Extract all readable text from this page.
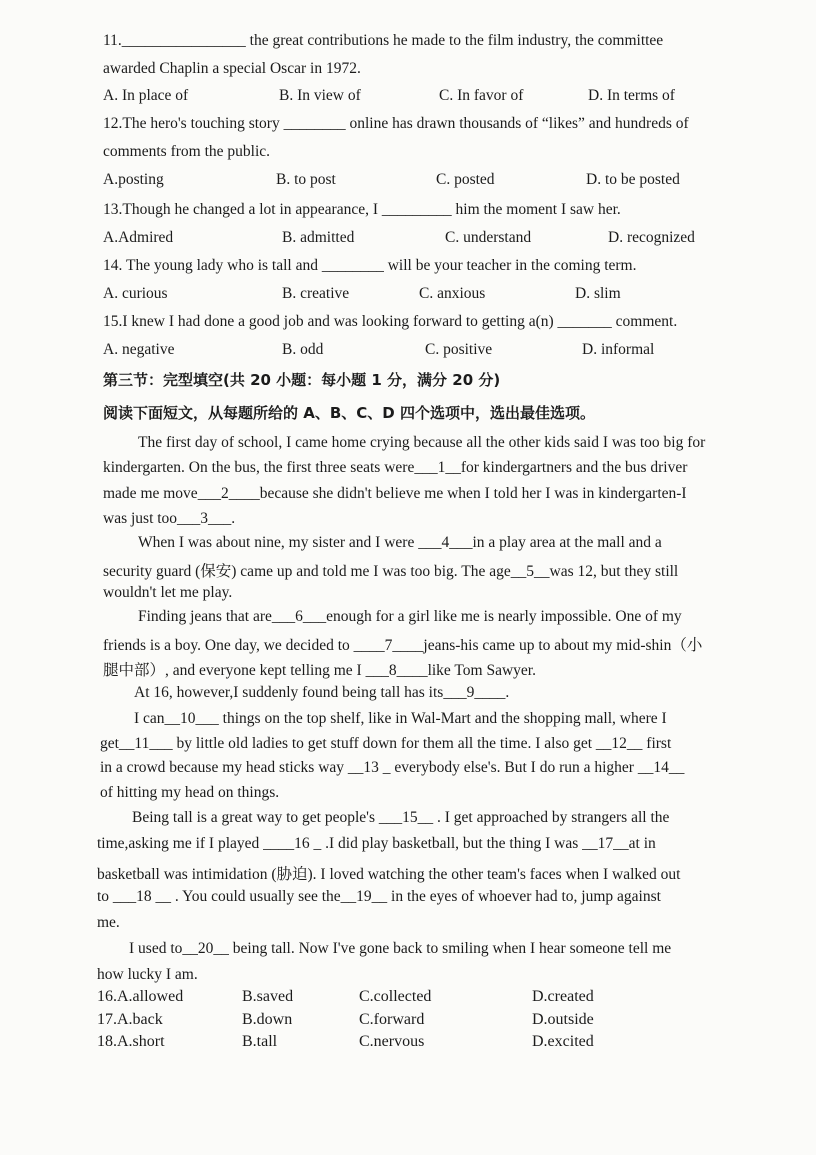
11.________________ the great contributions he made to the film industry, the committee
awarded Chaplin a special Oscar in 1972.
A. In place of	B. In view of	C. In favor of	D. In terms of
12.The hero's touching story ________ online has drawn thousands of “likes” and hundreds of
comments from the public.
A.posting	B. to post	C. posted	D. to be posted
13.Though he changed a lot in appearance, I _________ him the moment I saw her.
A.Admired	B. admitted	C. understand	D. recognized
14. The young lady who is tall and ________ will be your teacher in the coming term.
A. curious	B. creative	C. anxious	D. slim
15.I knew I had done a good job and was looking forward to getting a(n) _______ comment.
A. negative	B. odd	C. positive	D. informal
第三节：完型填空(共 20 小题：每小题 1 分，满分 20 分)
阅读下面短文，从每题所给的 A、B、C、D 四个选项中，选出最佳选项。
The first day of school, I came home crying because all the other kids said I was too big for
kindergarten. On the bus, the first three seats were___1__for kindergartners and the bus driver
made me move___2____because she didn't believe me when I told her I was in kindergarten-I
was just too___3___.
When I was about nine, my sister and I were ___4___in a play area at the mall and a
security guard (保安) came up and told me I was too big. The age__5__was 12, but they still
wouldn't let me play.
Finding jeans that are___6___enough for a girl like me is nearly impossible. One of my
friends is a boy. One day, we decided to ____7____jeans-his came up to about my mid-shin（小
腿中部）, and everyone kept telling me I ___8____like Tom Sawyer.
At 16, however,I suddenly found being tall has its___9____.
I can__10___ things on the top shelf, like in Wal-Mart and the shopping mall, where I
get__11___ by little old ladies to get stuff down for them all the time. I also get __12__ first
in a crowd because my head sticks way __13 _ everybody else's. But I do run a higher __14__
of hitting my head on things.
Being tall is a great way to get people's ___15__ . I get approached by strangers all the
time,asking me if I played ____16 _ .I did play basketball, but the thing I was __17__at in
basketball was intimidation (胁迫). I loved watching the other team's faces when I walked out
to ___18 __ . You could usually see the__19__ in the eyes of whoever had to, jump against
me.
I used to__20__ being tall. Now I've gone back to smiling when I hear someone tell me
how lucky I am.
16.A.allowed	B.saved	C.collected	D.created
17.A.back	B.down	C.forward	D.outside
18.A.short	B.tall	C.nervous	D.excited
